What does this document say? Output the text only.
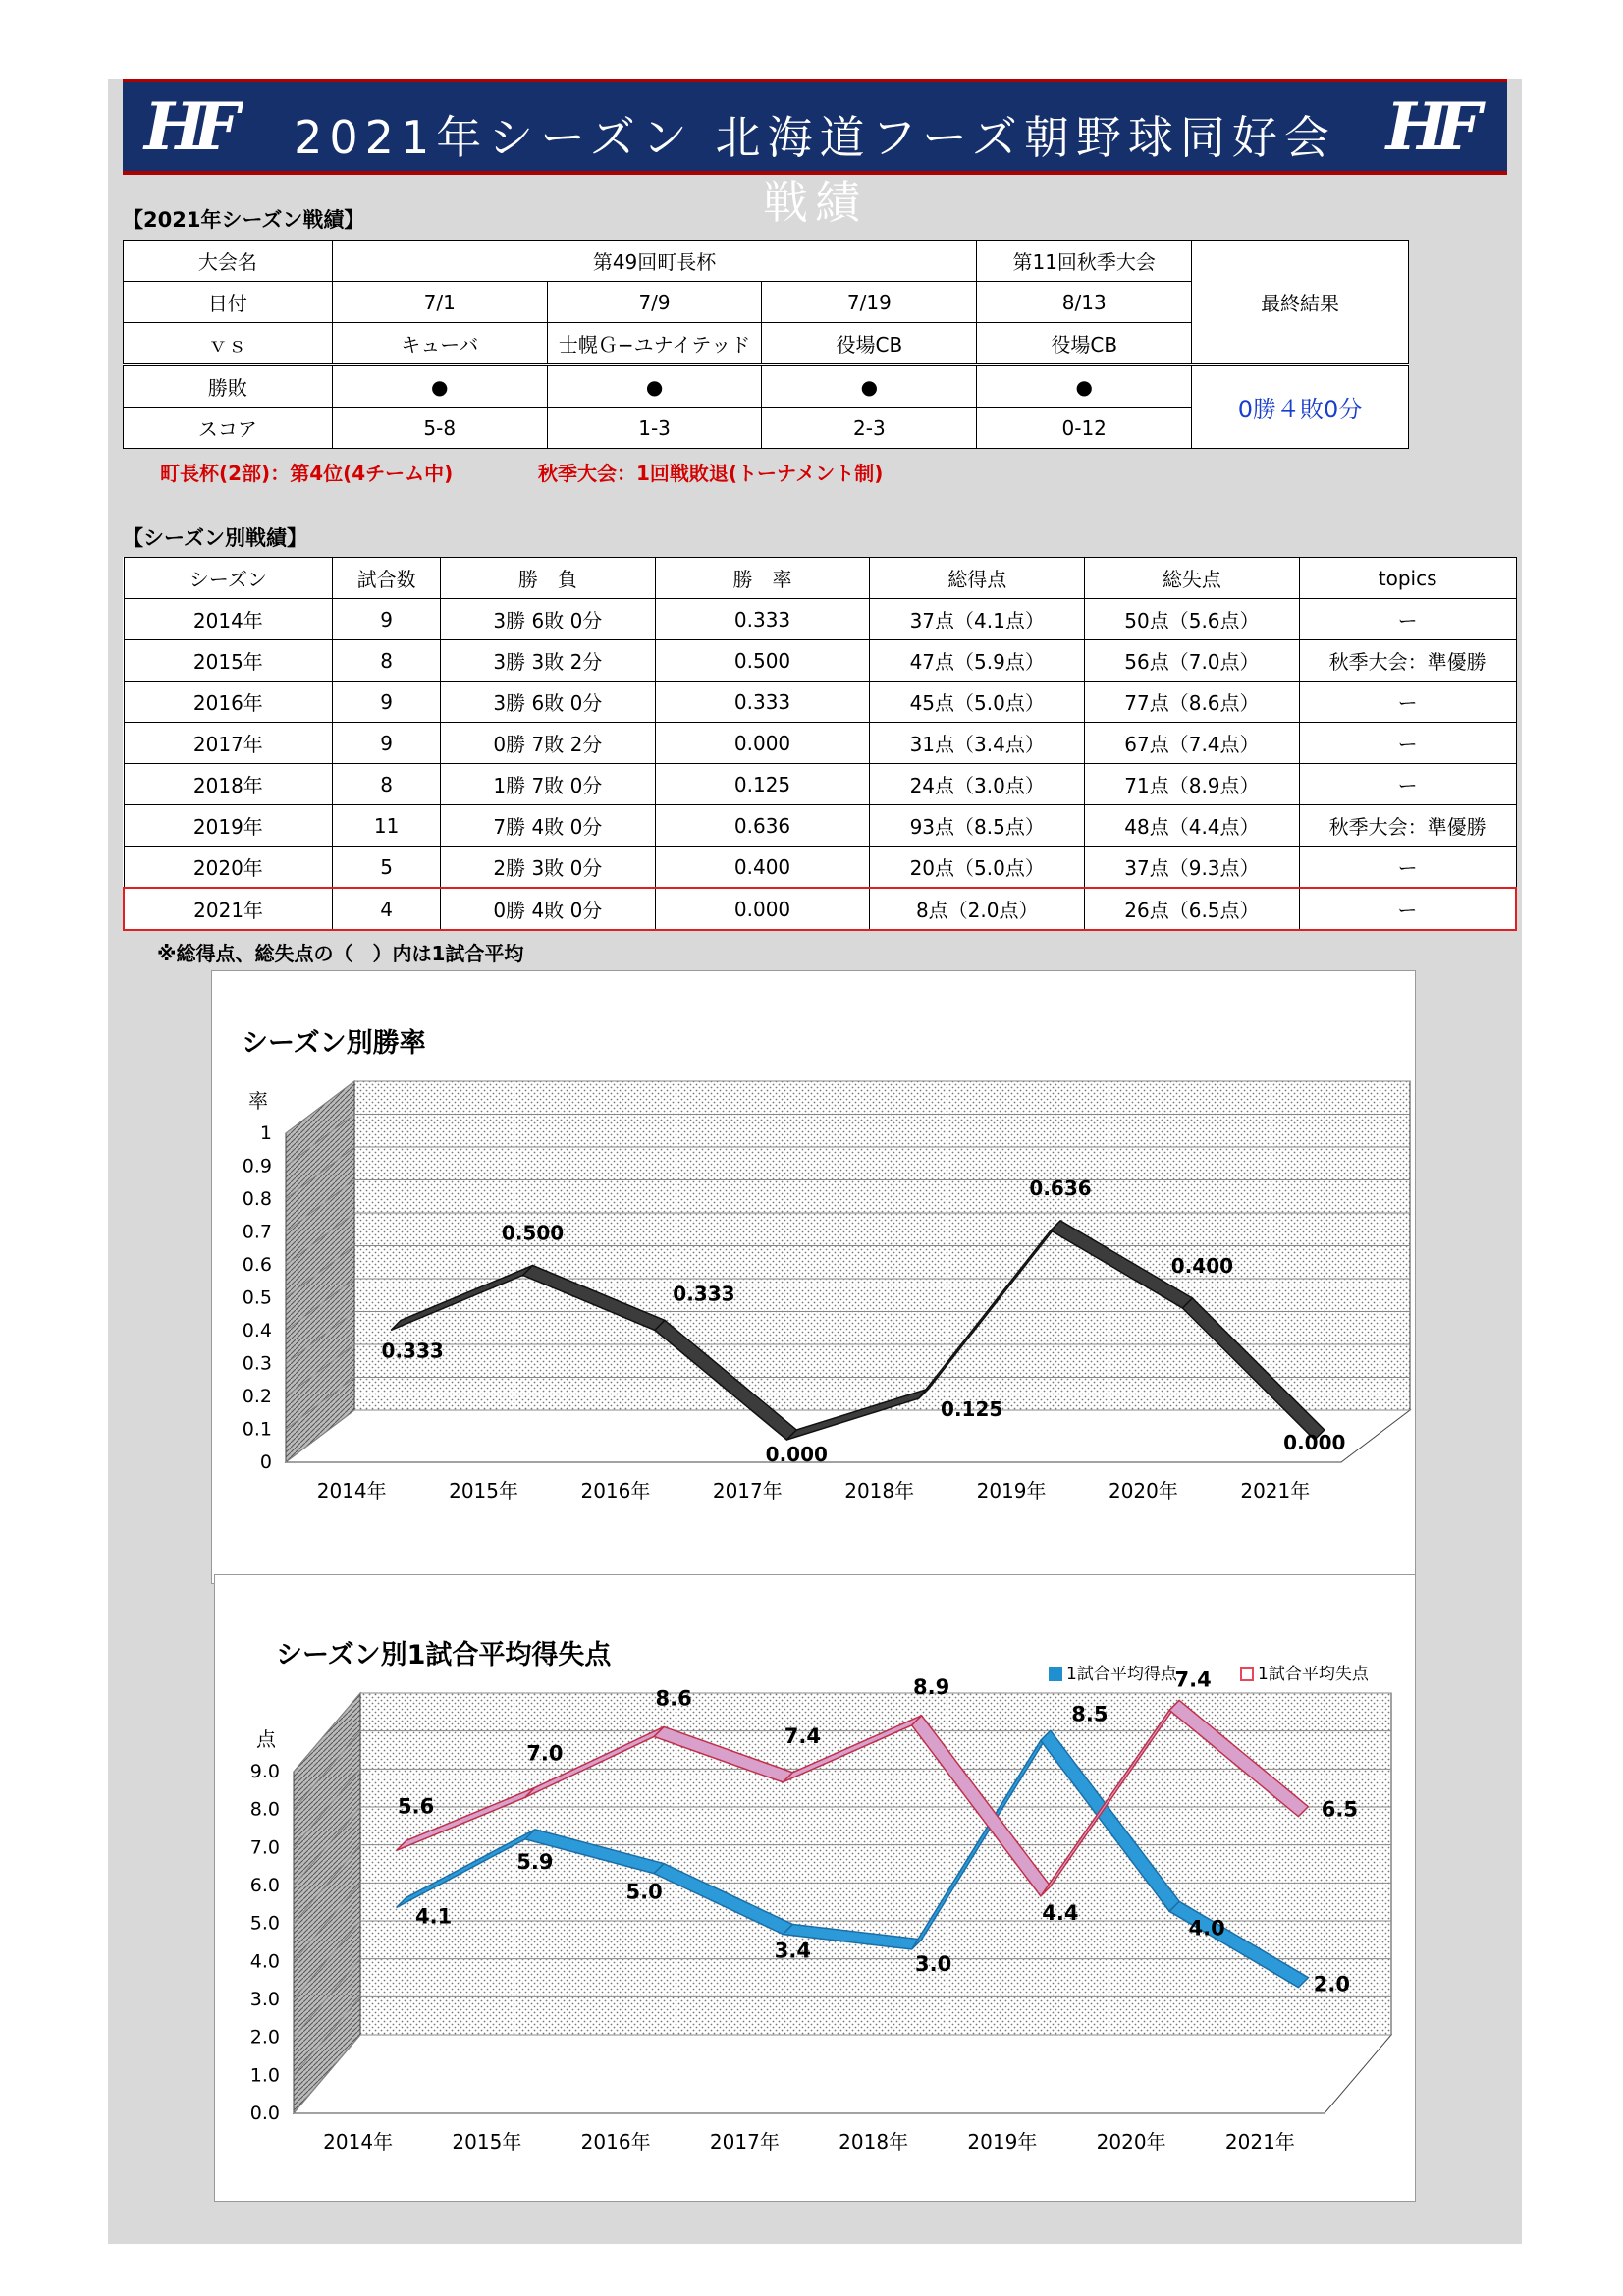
HF	2021年シーズン 北海道フーズ朝野球同好会戦績
HF
【2021年シーズン戦績】
大会名	第49回町長杯			第11回秋季大会	最終結果
日付	7/1	7/9	7/19	8/13	
ｖｓ	キューバ	士幌Ｇ−ユナイテッド	役場CB	役場CB	
勝敗	●	●	●	●	0勝４敗0分
スコア	5-8	1-3	2-3	0-12	
町長杯(2部)：第4位(4チーム中)	秋季大会：1回戦敗退(トーナメント制)
【シーズン別戦績】
シーズン	試合数	勝　負	勝　率	総得点	総失点	topics
2014年	9	3勝 6敗 0分	0.333	37点（4.1点）	50点（5.6点）	ー
2015年	8	3勝 3敗 2分	0.500	47点（5.9点）	56点（7.0点）	秋季大会：準優勝
2016年	9	3勝 6敗 0分	0.333	45点（5.0点）	77点（8.6点）	ー
2017年	9	0勝 7敗 2分	0.000	31点（3.4点）	67点（7.4点）	ー
2018年	8	1勝 7敗 0分	0.125	24点（3.0点）	71点（8.9点）	ー
2019年	11	7勝 4敗 0分	0.636	93点（8.5点）	48点（4.4点）	秋季大会：準優勝
2020年	5	2勝 3敗 0分	0.400	20点（5.0点）	37点（9.3点）	ー
2021年	4	0勝 4敗 0分	0.000	8点（2.0点）	26点（6.5点）	ー
※総得点、総失点の（　）内は1試合平均
0
0.1
0.2
0.3
0.4
0.5
0.6
0.7
0.8
0.9
1
率
2014年	2015年	2016年	2017年	2018年	2019年	2020年	2021年
シーズン別勝率
0.333
0.500
0.333
0.000
0.125
0.636
0.400
0.000
0.0
1.0
2.0
3.0
4.0
5.0
6.0
7.0
8.0
9.0
点
2014年	2015年	2016年	2017年	2018年	2019年	2020年	2021年
シーズン別1試合平均得失点
1試合平均得点	1試合平均失点
4.1
5.9
5.0
3.4
3.0
8.5
4.0
2.0
5.6
7.0
8.6
7.4
8.9
4.4
7.4
6.5
